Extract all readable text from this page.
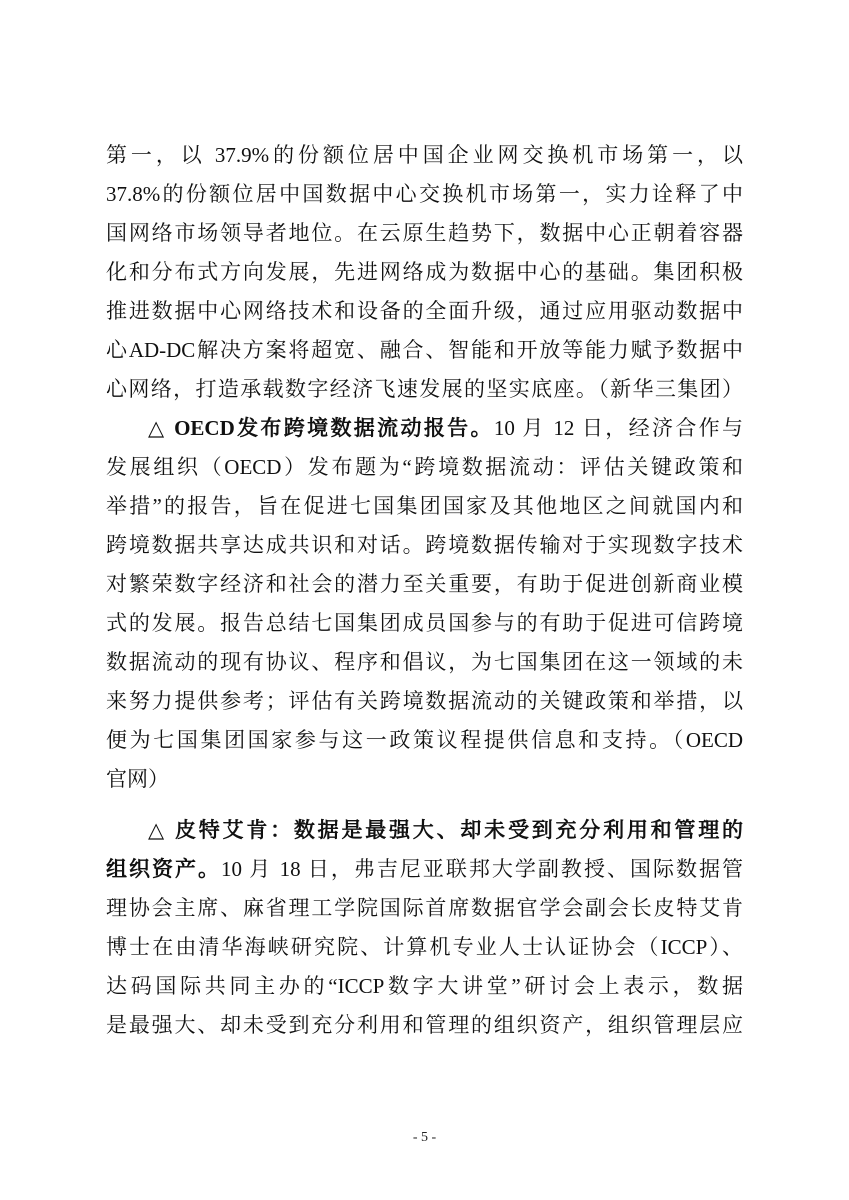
第一，以 37.9%的份额位居中国企业网交换机市场第一，以
37.8%的份额位居中国数据中心交换机市场第一，实力诠释了中
国网络市场领导者地位。在云原生趋势下，数据中心正朝着容器
化和分布式方向发展，先进网络成为数据中心的基础。集团积极
推进数据中心网络技术和设备的全面升级，通过应用驱动数据中
心AD-DC解决方案将超宽、融合、智能和开放等能力赋予数据中
心网络，打造承载数字经济飞速发展的坚实底座。（新华三集团）
△ OECD发布跨境数据流动报告。10 月 12 日，经济合作与
发展组织（OECD）发布题为“跨境数据流动：评估关键政策和
举措”的报告，旨在促进七国集团国家及其他地区之间就国内和
跨境数据共享达成共识和对话。跨境数据传输对于实现数字技术
对繁荣数字经济和社会的潜力至关重要，有助于促进创新商业模
式的发展。报告总结七国集团成员国参与的有助于促进可信跨境
数据流动的现有协议、程序和倡议，为七国集团在这一领域的未
来努力提供参考；评估有关跨境数据流动的关键政策和举措，以
便为七国集团国家参与这一政策议程提供信息和支持。（OECD
官网）
△ 皮特艾肯：数据是最强大、却未受到充分利用和管理的
组织资产。10 月 18 日，弗吉尼亚联邦大学副教授、国际数据管
理协会主席、麻省理工学院国际首席数据官学会副会长皮特艾肯
博士在由清华海峡研究院、计算机专业人士认证协会（ICCP）、
达码国际共同主办的“ICCP数字大讲堂”研讨会上表示，数据
是最强大、却未受到充分利用和管理的组织资产，组织管理层应
- 5 -
